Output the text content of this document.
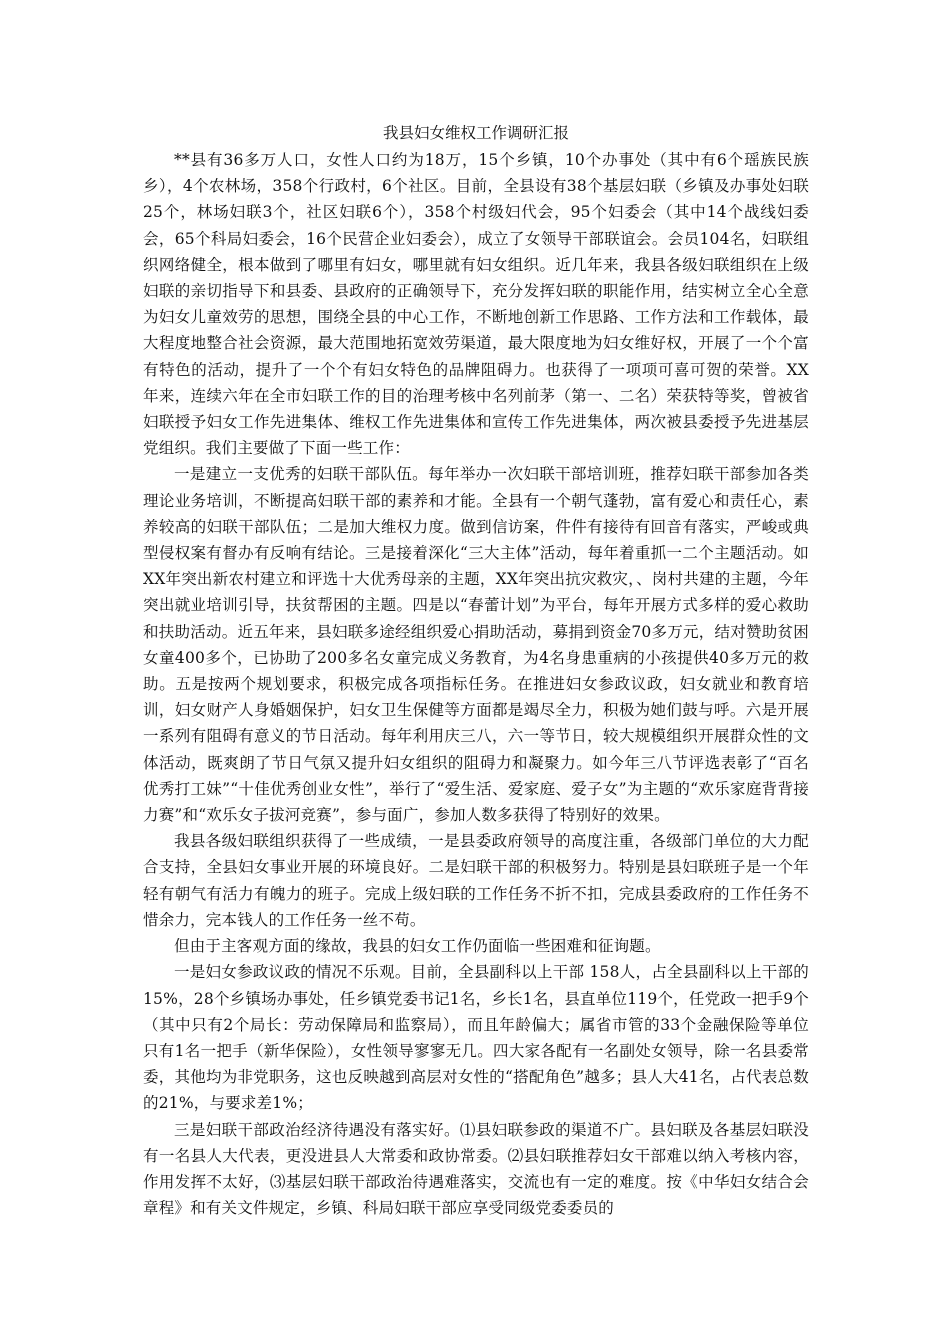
我县妇女维权工作调研汇报

**县有36多万人口，女性人口约为18万，15个乡镇，10个办事处（其中有6个瑶族民族乡），4个农林场，358个行政村，6个社区。目前，全县设有38个基层妇联（乡镇及办事处妇联25个，林场妇联3个，社区妇联6个），358个村级妇代会，95个妇委会（其中14个战线妇委会，65个科局妇委会，16个民营企业妇委会），成立了女领导干部联谊会。会员104名，妇联组织网络健全，根本做到了哪里有妇女，哪里就有妇女组织。近几年来，我县各级妇联组织在上级妇联的亲切指导下和县委、县政府的正确领导下，充分发挥妇联的职能作用，结实树立全心全意为妇女儿童效劳的思想，围绕全县的中心工作，不断地创新工作思路、工作方法和工作载体，最大程度地整合社会资源，最大范围地拓宽效劳渠道，最大限度地为妇女维好权，开展了一个个富有特色的活动，提升了一个个有妇女特色的品牌阻碍力。也获得了一项项可喜可贺的荣誉。XX年来，连续六年在全市妇联工作的目的治理考核中名列前茅（第一、二名）荣获特等奖，曾被省妇联授予妇女工作先进集体、维权工作先进集体和宣传工作先进集体，两次被县委授予先进基层党组织。我们主要做了下面一些工作：

一是建立一支优秀的妇联干部队伍。每年举办一次妇联干部培训班，推荐妇联干部参加各类理论业务培训，不断提高妇联干部的素养和才能。全县有一个朝气蓬勃，富有爱心和责任心，素养较高的妇联干部队伍；二是加大维权力度。做到信访案，件件有接待有回音有落实，严峻或典型侵权案有督办有反响有结论。三是接着深化“三大主体”活动，每年着重抓一二个主题活动。如XX年突出新农村建立和评选十大优秀母亲的主题，XX年突出抗灾救灾，、岗村共建的主题，今年突出就业培训引导，扶贫帮困的主题。四是以“春蕾计划”为平台，每年开展方式多样的爱心救助和扶助活动。近五年来，县妇联多途经组织爱心捐助活动，募捐到资金70多万元，结对赞助贫困女童400多个，已协助了200多名女童完成义务教育，为4名身患重病的小孩提供40多万元的救助。五是按两个规划要求，积极完成各项指标任务。在推进妇女参政议政，妇女就业和教育培训，妇女财产人身婚姻保护，妇女卫生保健等方面都是竭尽全力，积极为她们鼓与呼。六是开展一系列有阻碍有意义的节日活动。每年利用庆三八，六一等节日，较大规模组织开展群众性的文体活动，既爽朗了节日气氛又提升妇女组织的阻碍力和凝聚力。如今年三八节评选表彰了“百名优秀打工妹”“十佳优秀创业女性”，举行了“爱生活、爱家庭、爱子女”为主题的“欢乐家庭背背接力赛”和“欢乐女子拔河竞赛”，参与面广，参加人数多获得了特别好的效果。

我县各级妇联组织获得了一些成绩，一是县委政府领导的高度注重，各级部门单位的大力配合支持，全县妇女事业开展的环境良好。二是妇联干部的积极努力。特别是县妇联班子是一个年轻有朝气有活力有魄力的班子。完成上级妇联的工作任务不折不扣，完成县委政府的工作任务不惜余力，完本钱人的工作任务一丝不苟。

但由于主客观方面的缘故，我县的妇女工作仍面临一些困难和征询题。

一是妇女参政议政的情况不乐观。目前，全县副科以上干部 158人，占全县副科以上干部的15%，28个乡镇场办事处，任乡镇党委书记1名，乡长1名，县直单位119个，任党政一把手9个（其中只有2个局长：劳动保障局和监察局），而且年龄偏大；属省市管的33个金融保险等单位只有1名一把手（新华保险），女性领导寥寥无几。四大家各配有一名副处女领导，除一名县委常委，其他均为非党职务，这也反映越到高层对女性的“搭配角色”越多；县人大41名，占代表总数的21%，与要求差1%；

三是妇联干部政治经济待遇没有落实好。⑴县妇联参政的渠道不广。县妇联及各基层妇联没有一名县人大代表，更没进县人大常委和政协常委。⑵县妇联推荐妇女干部难以纳入考核内容，作用发挥不太好，⑶基层妇联干部政治待遇难落实，交流也有一定的难度。按《中华妇女结合会章程》和有关文件规定，乡镇、科局妇联干部应享受同级党委委员的
